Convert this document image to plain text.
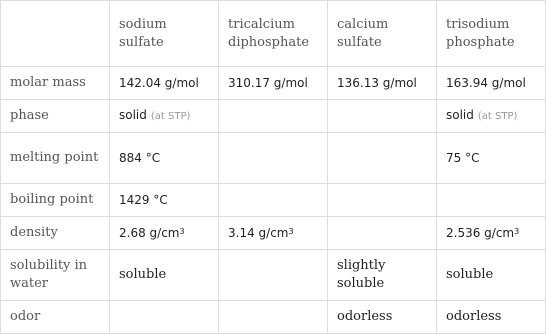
	sodium sulfate	tricalcium diphosphate	calcium sulfate	trisodium phosphate
molar mass	142.04 g/mol	310.17 g/mol	136.13 g/mol	163.94 g/mol
phase	solid (at STP)			solid (at STP)
melting point	884 °C			75 °C
boiling point	1429 °C			
density	2.68 $g/cm^3$	3.14 $g/cm^3$		2.536 $g/cm^3$
solubility in water	soluble		slightly soluble	soluble
odor			odorless	odorless
